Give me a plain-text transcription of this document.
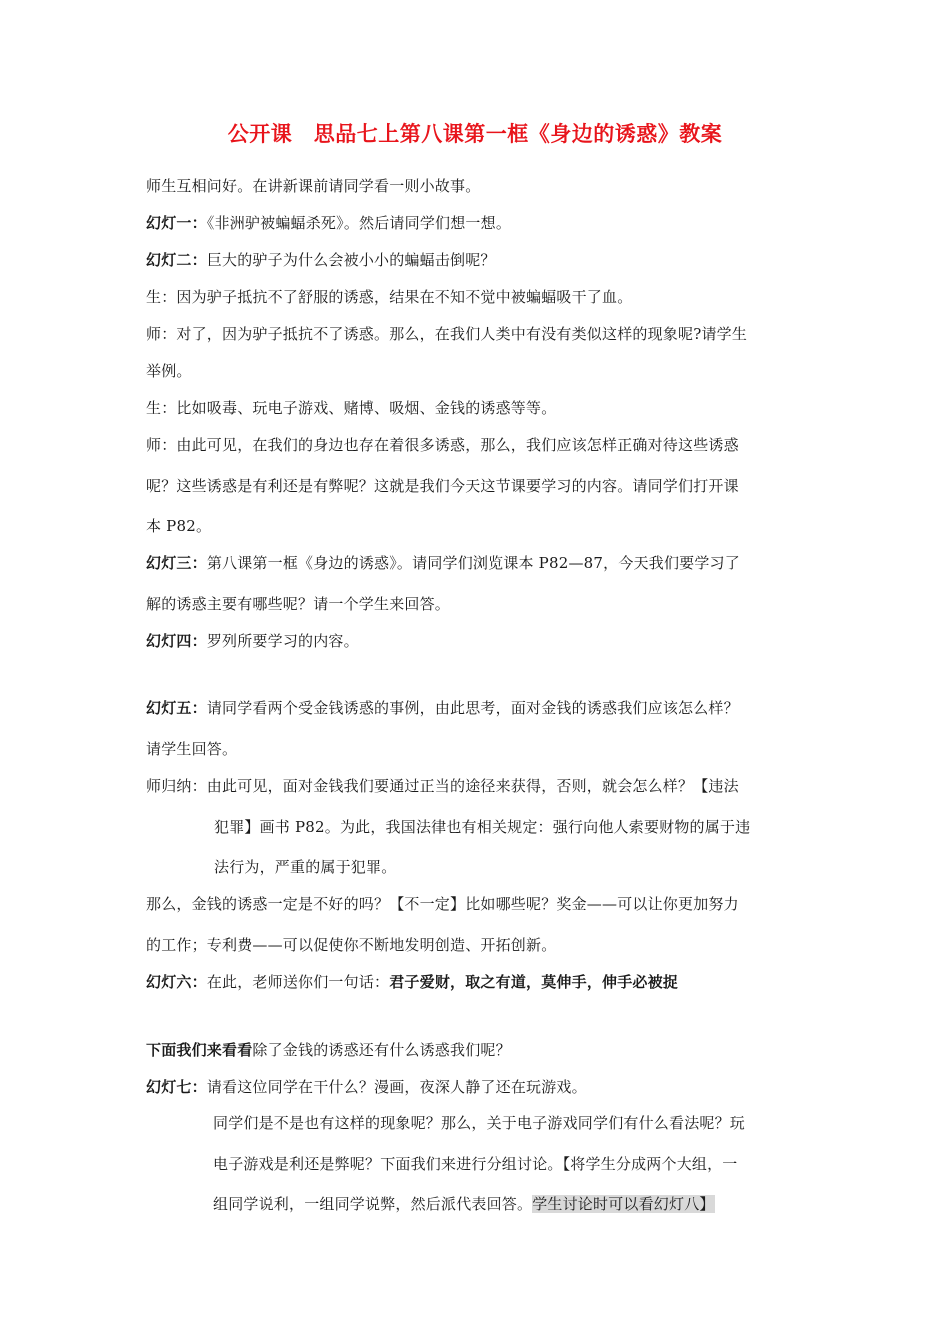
公开课　思品七上第八课第一框《身边的诱惑》教案
师生互相问好。在讲新课前请同学看一则小故事。
幻灯一：《非洲驴被蝙蝠杀死》。然后请同学们想一想。
幻灯二：巨大的驴子为什么会被小小的蝙蝠击倒呢？
生：因为驴子抵抗不了舒服的诱惑，结果在不知不觉中被蝙蝠吸干了血。
师：对了，因为驴子抵抗不了诱惑。那么，在我们人类中有没有类似这样的现象呢?请学生
举例。
生：比如吸毒、玩电子游戏、赌博、吸烟、金钱的诱惑等等。
师：由此可见，在我们的身边也存在着很多诱惑，那么，我们应该怎样正确对待这些诱惑
呢？这些诱惑是有利还是有弊呢？这就是我们今天这节课要学习的内容。请同学们打开课
本 P82。
幻灯三：第八课第一框《身边的诱惑》。请同学们浏览课本 P82—87，今天我们要学习了
解的诱惑主要有哪些呢？请一个学生来回答。
幻灯四：罗列所要学习的内容。
幻灯五：请同学看两个受金钱诱惑的事例，由此思考，面对金钱的诱惑我们应该怎么样？
请学生回答。
师归纳：由此可见，面对金钱我们要通过正当的途径来获得，否则，就会怎么样？【违法
犯罪】画书 P82。为此，我国法律也有相关规定：强行向他人索要财物的属于违
法行为，严重的属于犯罪。
那么，金钱的诱惑一定是不好的吗？【不一定】比如哪些呢？奖金——可以让你更加努力
的工作；专利费——可以促使你不断地发明创造、开拓创新。
幻灯六：在此，老师送你们一句话：君子爱财，取之有道，莫伸手，伸手必被捉
下面我们来看看除了金钱的诱惑还有什么诱惑我们呢？
幻灯七：请看这位同学在干什么？漫画，夜深人静了还在玩游戏。
同学们是不是也有这样的现象呢？那么，关于电子游戏同学们有什么看法呢？玩
电子游戏是利还是弊呢？下面我们来进行分组讨论。【将学生分成两个大组，一
组同学说利，一组同学说弊，然后派代表回答。学生讨论时可以看幻灯八】
